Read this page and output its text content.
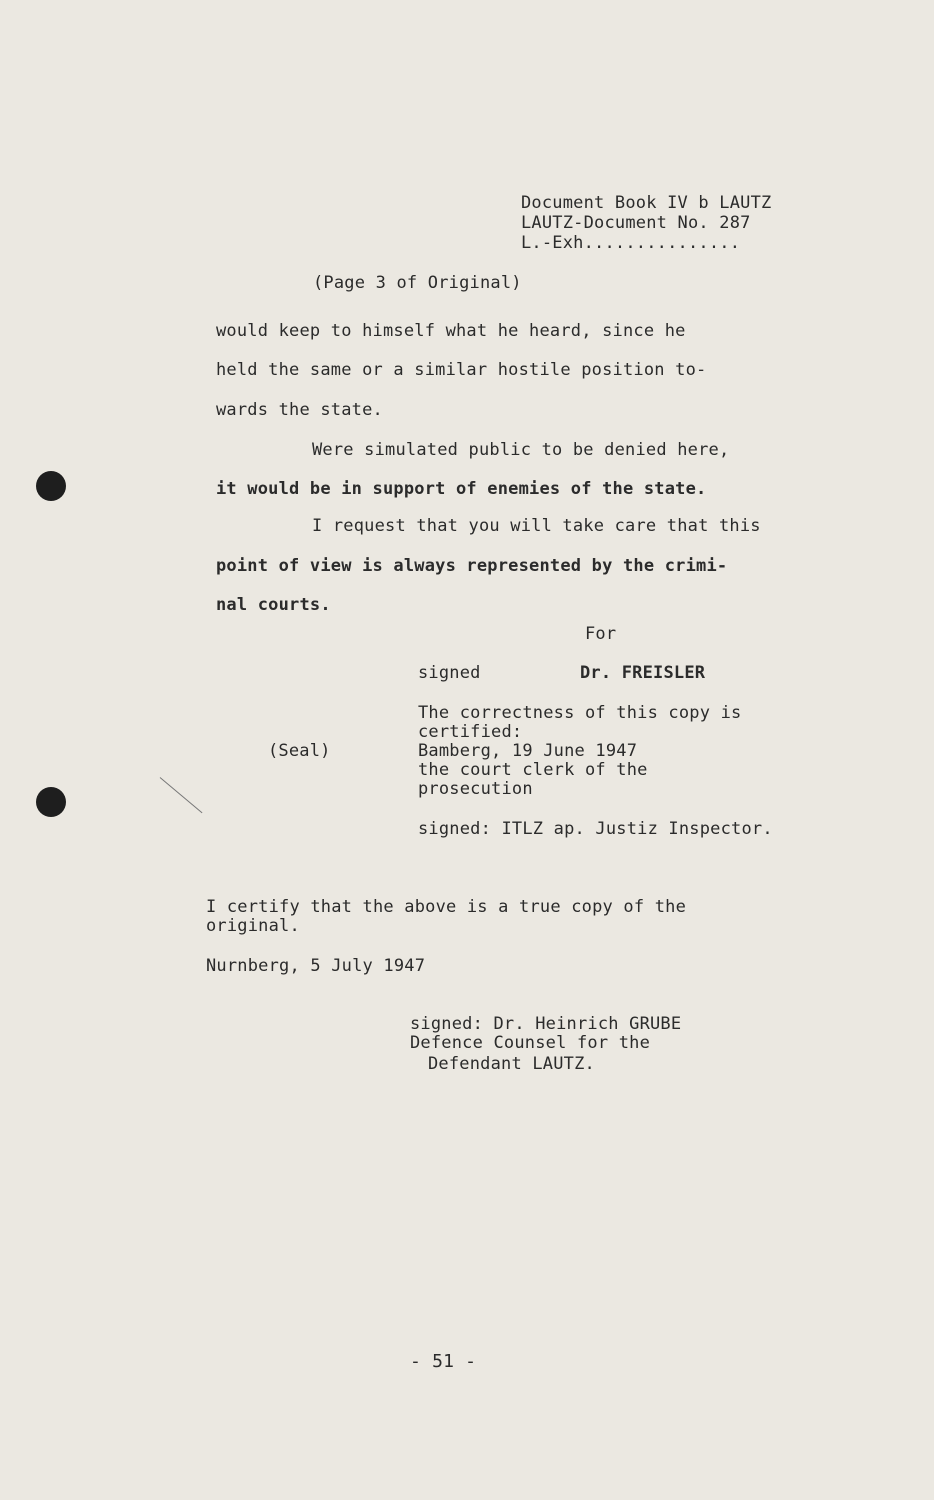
Document Book IV b LAUTZ
LAUTZ-Document No. 287
L.-Exh...............
(Page 3 of Original)
would keep to himself what he heard, since he
held the same or a similar hostile position to-
wards the state.
Were simulated public to be denied here,
it would be in support of enemies of the state.
I request that you will take care that this
point of view is always represented by the crimi-
nal courts.
For
signed	Dr. FREISLER
(Seal)
The correctness of this copy is
certified:
Bamberg, 19 June 1947
the court clerk of the
prosecution
signed: ITLZ ap. Justiz Inspector.
I certify that the above is a true copy of the
original.
Nurnberg, 5 July 1947
signed: Dr. Heinrich GRUBE
Defence Counsel for the
Defendant LAUTZ.
- 51 -
